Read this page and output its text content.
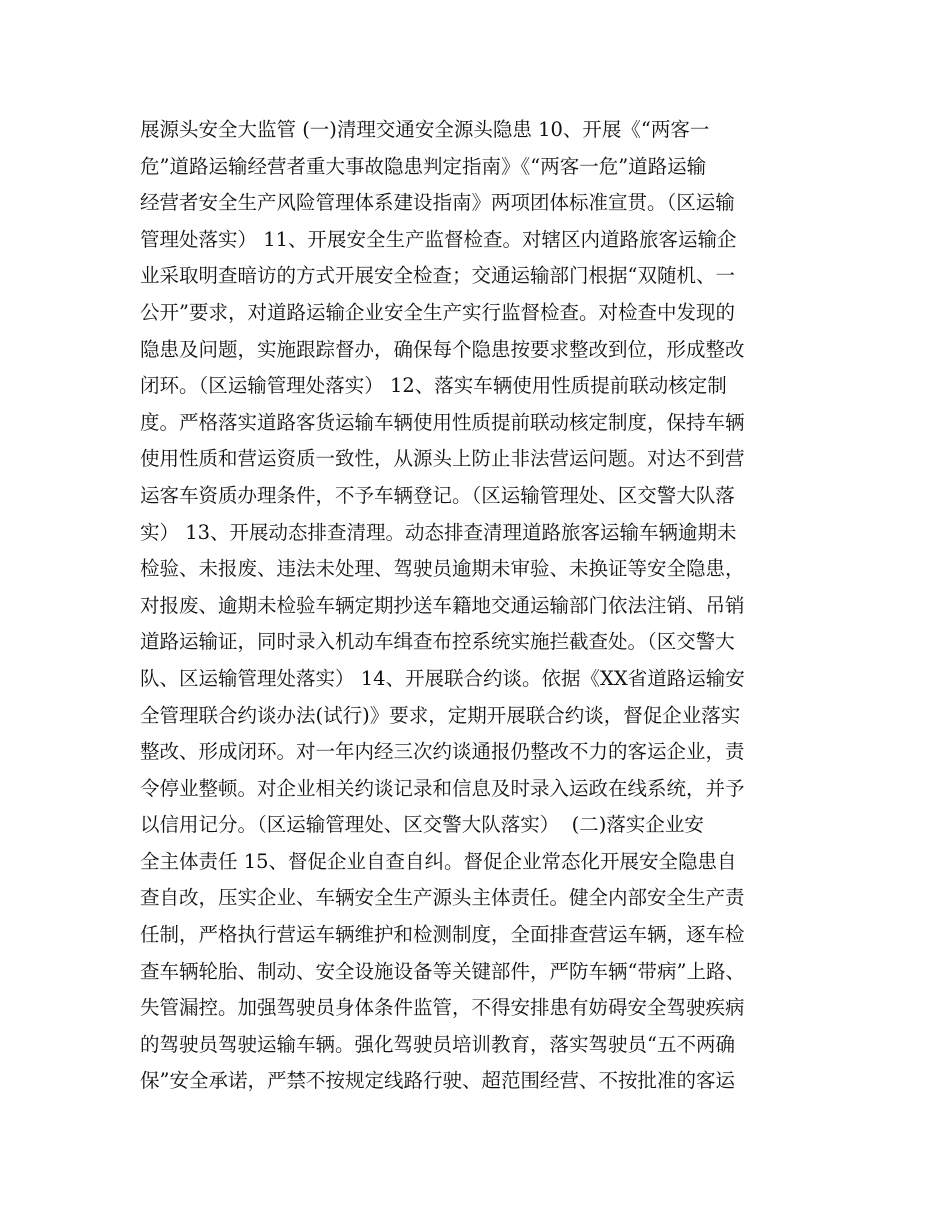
展源头安全大监管 (一)清理交通安全源头隐患 10、开展《“两客一
危”道路运输经营者重大事故隐患判定指南》《“两客一危”道路运输
经营者安全生产风险管理体系建设指南》两项团体标准宣贯。（区运输
管理处落实） 11、开展安全生产监督检查。对辖区内道路旅客运输企
业采取明查暗访的方式开展安全检查；交通运输部门根据“双随机、一
公开”要求，对道路运输企业安全生产实行监督检查。对检查中发现的
隐患及问题，实施跟踪督办，确保每个隐患按要求整改到位，形成整改
闭环。（区运输管理处落实） 12、落实车辆使用性质提前联动核定制
度。严格落实道路客货运输车辆使用性质提前联动核定制度，保持车辆
使用性质和营运资质一致性，从源头上防止非法营运问题。对达不到营
运客车资质办理条件，不予车辆登记。（区运输管理处、区交警大队落
实） 13、开展动态排查清理。动态排查清理道路旅客运输车辆逾期未
检验、未报废、违法未处理、驾驶员逾期未审验、未换证等安全隐患，
对报废、逾期未检验车辆定期抄送车籍地交通运输部门依法注销、吊销
道路运输证，同时录入机动车缉查布控系统实施拦截查处。（区交警大
队、区运输管理处落实） 14、开展联合约谈。依据《XX省道路运输安
全管理联合约谈办法(试行)》要求，定期开展联合约谈，督促企业落实
整改、形成闭环。对一年内经三次约谈通报仍整改不力的客运企业，责
令停业整顿。对企业相关约谈记录和信息及时录入运政在线系统，并予
以信用记分。（区运输管理处、区交警大队落实）  (二)落实企业安
全主体责任 15、督促企业自查自纠。督促企业常态化开展安全隐患自
查自改，压实企业、车辆安全生产源头主体责任。健全内部安全生产责
任制，严格执行营运车辆维护和检测制度，全面排查营运车辆，逐车检
查车辆轮胎、制动、安全设施设备等关键部件，严防车辆“带病”上路、
失管漏控。加强驾驶员身体条件监管，不得安排患有妨碍安全驾驶疾病
的驾驶员驾驶运输车辆。强化驾驶员培训教育，落实驾驶员“五不两确
保”安全承诺，严禁不按规定线路行驶、超范围经营、不按批准的客运
